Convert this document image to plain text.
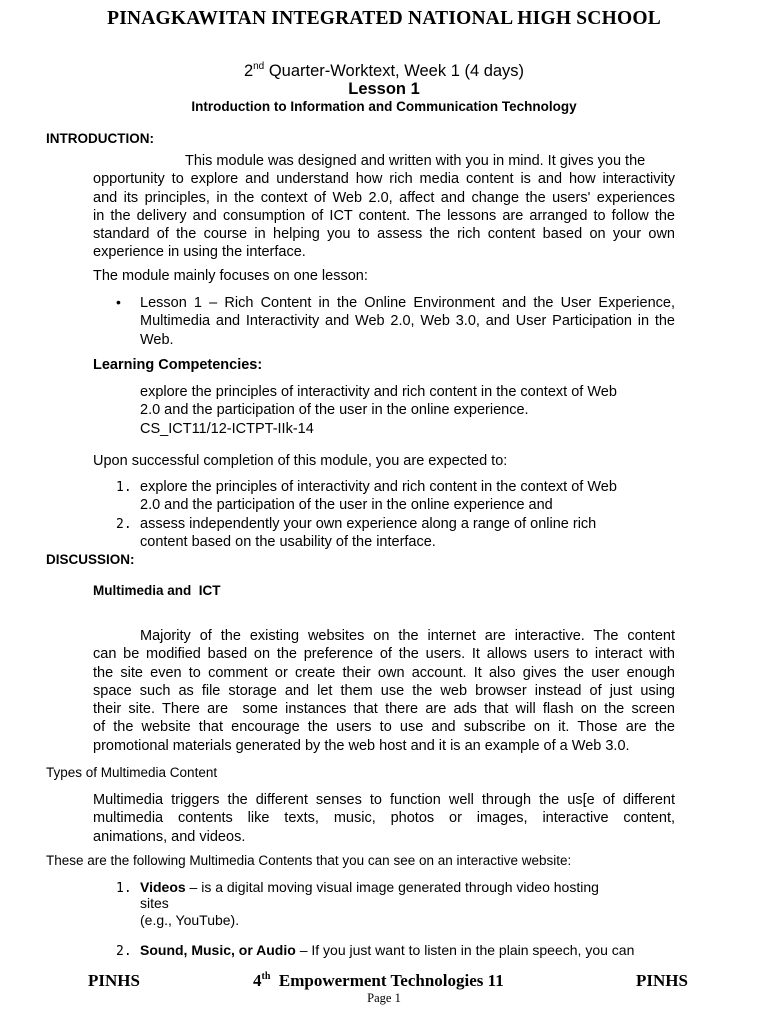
PINAGKAWITAN INTEGRATED NATIONAL HIGH SCHOOL
2nd Quarter-Worktext, Week 1 (4 days)
Lesson 1
Introduction to Information and Communication Technology
INTRODUCTION:
This module was designed and written with you in mind. It gives you the
opportunity to explore and understand how rich media content is and how interactivity
and its principles, in the context of Web 2.0, affect and change the users' experiences
in the delivery and consumption of ICT content. The lessons are arranged to follow the
standard of the course in helping you to assess the rich content based on your own
experience in using the interface.
The module mainly focuses on one lesson:
• Lesson 1 – Rich Content in the Online Environment and the User Experience,
Multimedia and Interactivity and Web 2.0, Web 3.0, and User Participation in the
Web.
Learning Competencies:
explore the principles of interactivity and rich content in the context of Web
2.0 and the participation of the user in the online experience.
CS_ICT11/12-ICTPT-IIk-14
Upon successful completion of this module, you are expected to:
1. explore the principles of interactivity and rich content in the context of Web
2.0 and the participation of the user in the online experience and
2. assess independently your own experience along a range of online rich
content based on the usability of the interface.
DISCUSSION:
Multimedia and  ICT
Majority of the existing websites on the internet are interactive. The content
can be modified based on the preference of the users. It allows users to interact with
the site even to comment or create their own account. It also gives the user enough
space such as file storage and let them use the web browser instead of just using
their site. There are  some instances that there are ads that will flash on the screen
of the website that encourage the users to use and subscribe on it. Those are the
promotional materials generated by the web host and it is an example of a Web 3.0.
Types of Multimedia Content
Multimedia triggers the different senses to function well through the us[e of different
multimedia contents like texts, music, photos or images, interactive content,
animations, and videos.
These are the following Multimedia Contents that you can see on an interactive website:
1. Videos – is a digital moving visual image generated through video hosting
sites
(e.g., YouTube).
2. Sound, Music, or Audio – If you just want to listen in the plain speech, you can
PINHS	4th  Empowerment Technologies 11	PINHS
Page 1
